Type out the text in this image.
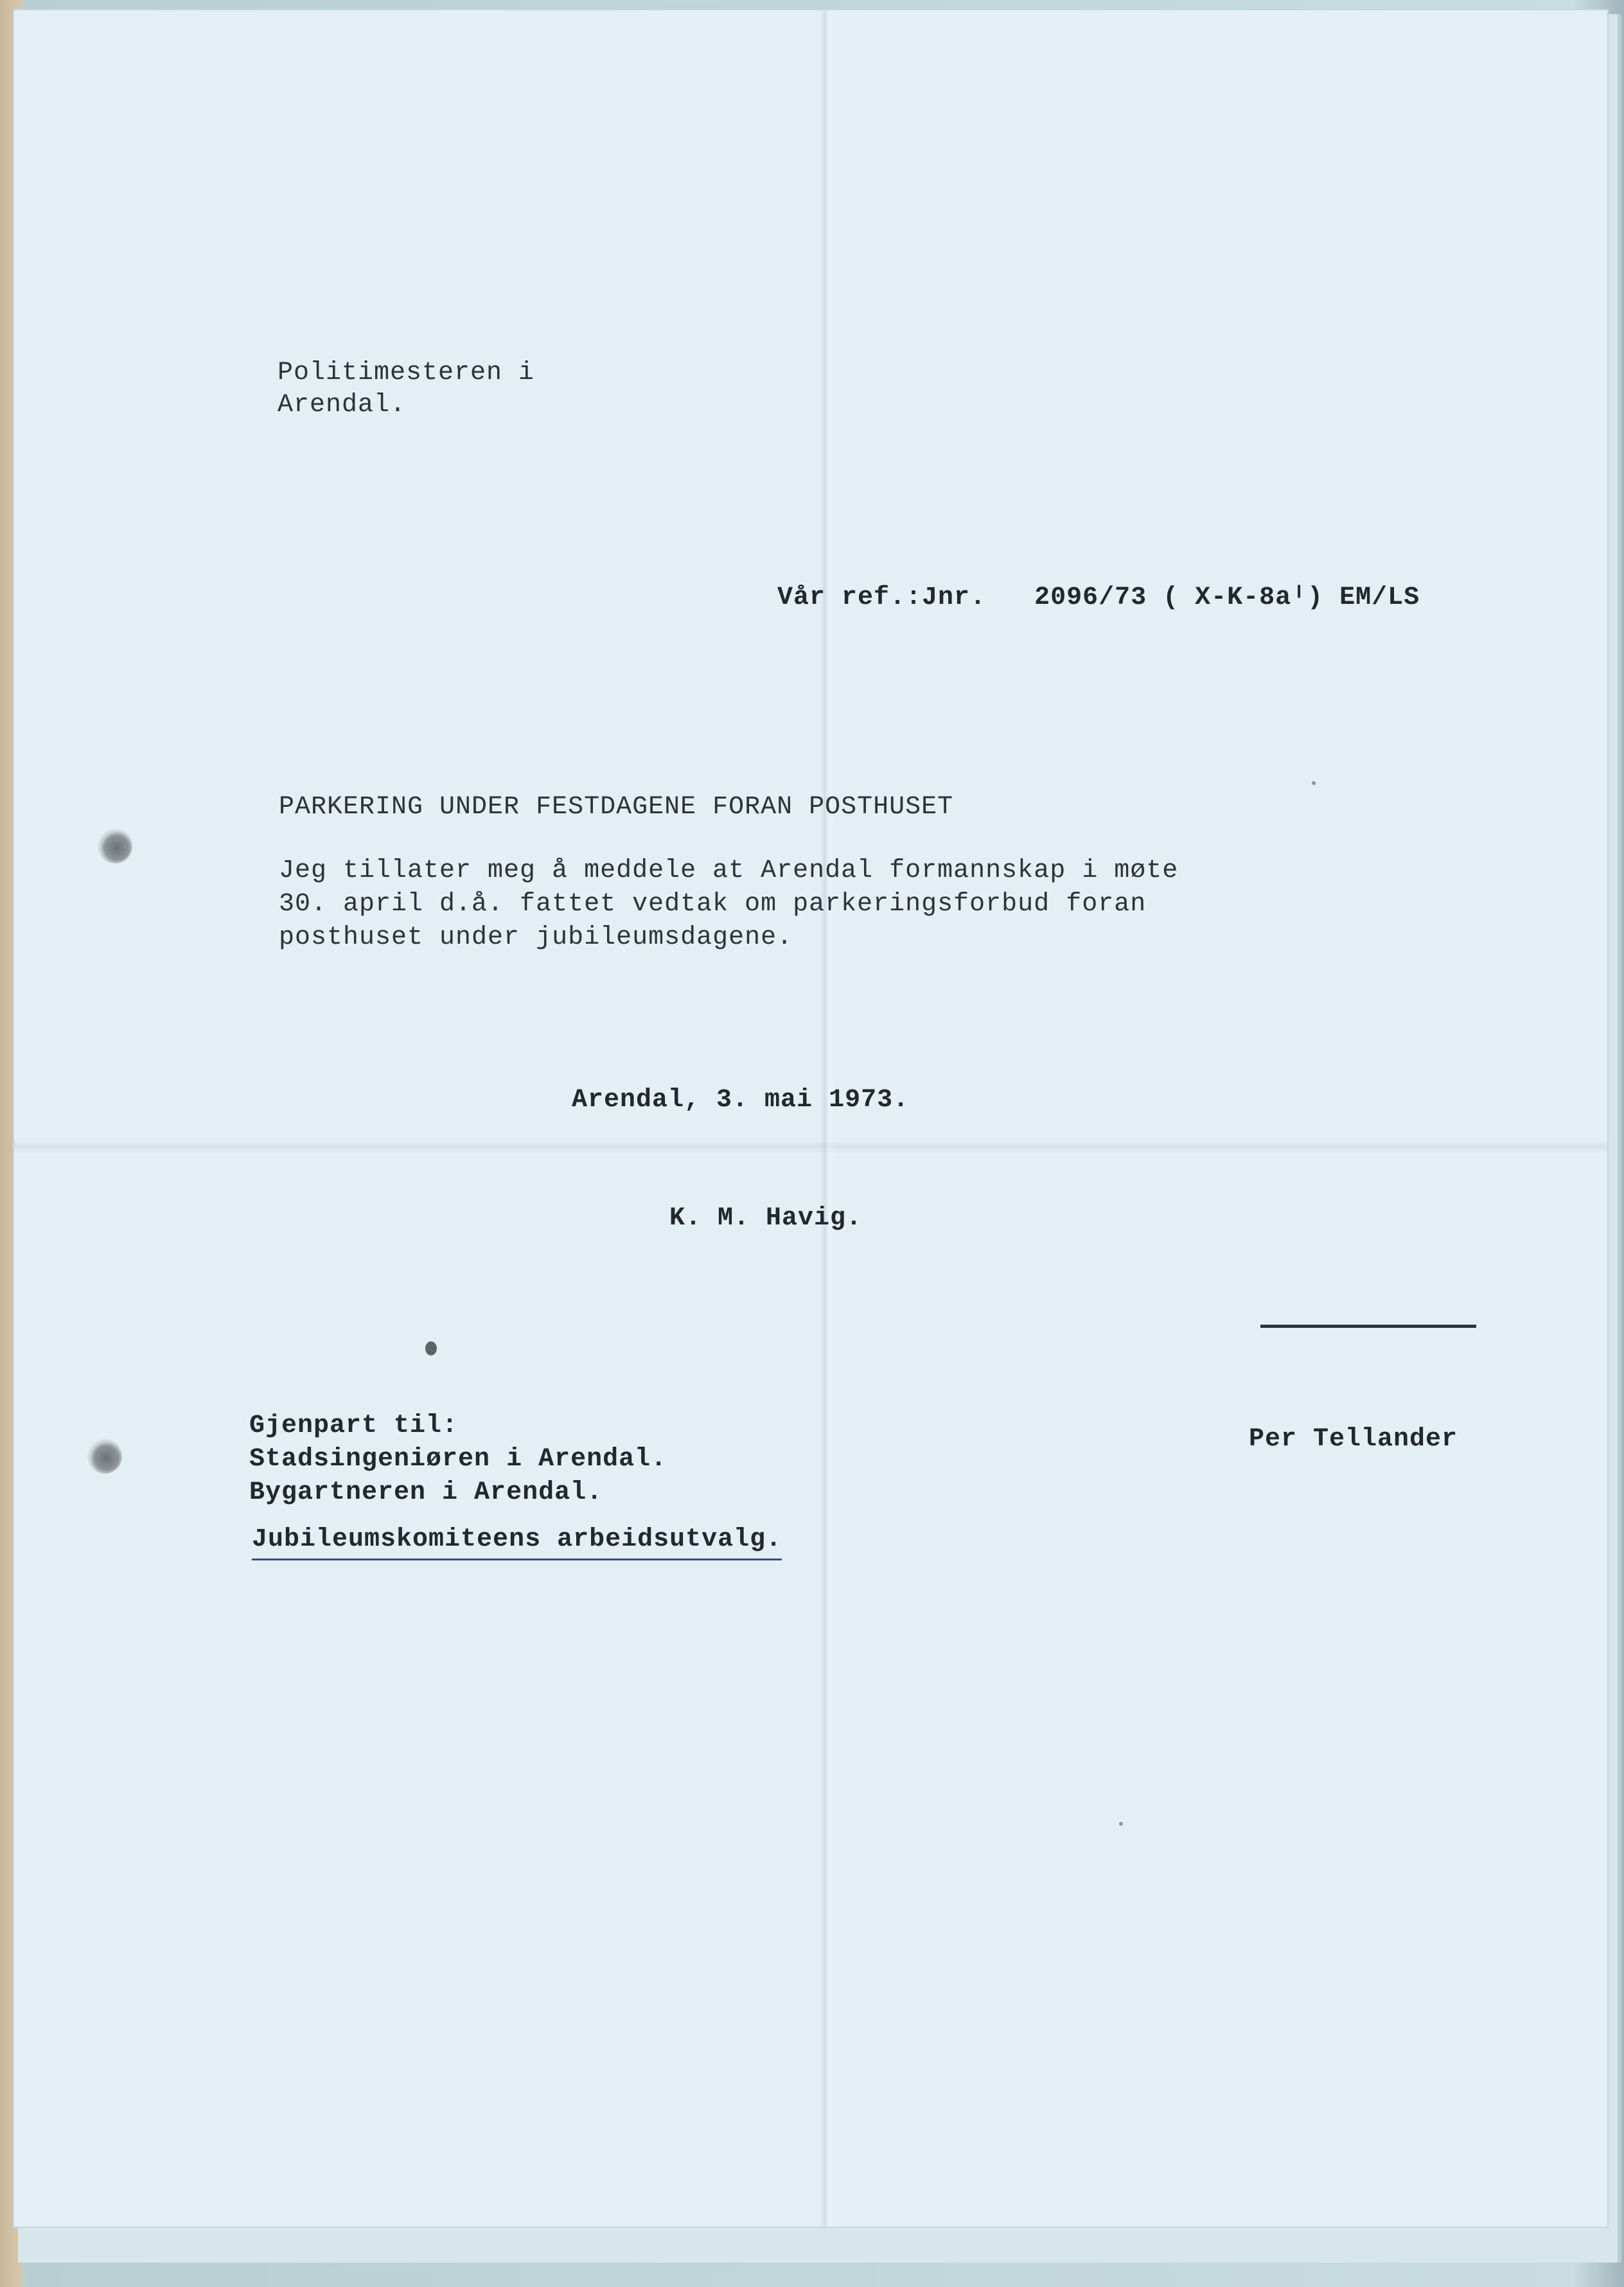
Politimesteren i
Arendal.

Vår ref.:Jnr.   2096/73 ( X-K-8aᴵ) EM/LS

PARKERING UNDER FESTDAGENE FORAN POSTHUSET

Jeg tillater meg å meddele at Arendal formannskap i møte
30. april d.å. fattet vedtak om parkeringsforbud foran
posthuset under jubileumsdagene.

Arendal, 3. mai 1973.

K. M. Havig.

Per Tellander

Gjenpart til:
Stadsingeniøren i Arendal.
Bygartneren i Arendal.

Jubileumskomiteens arbeidsutvalg.
